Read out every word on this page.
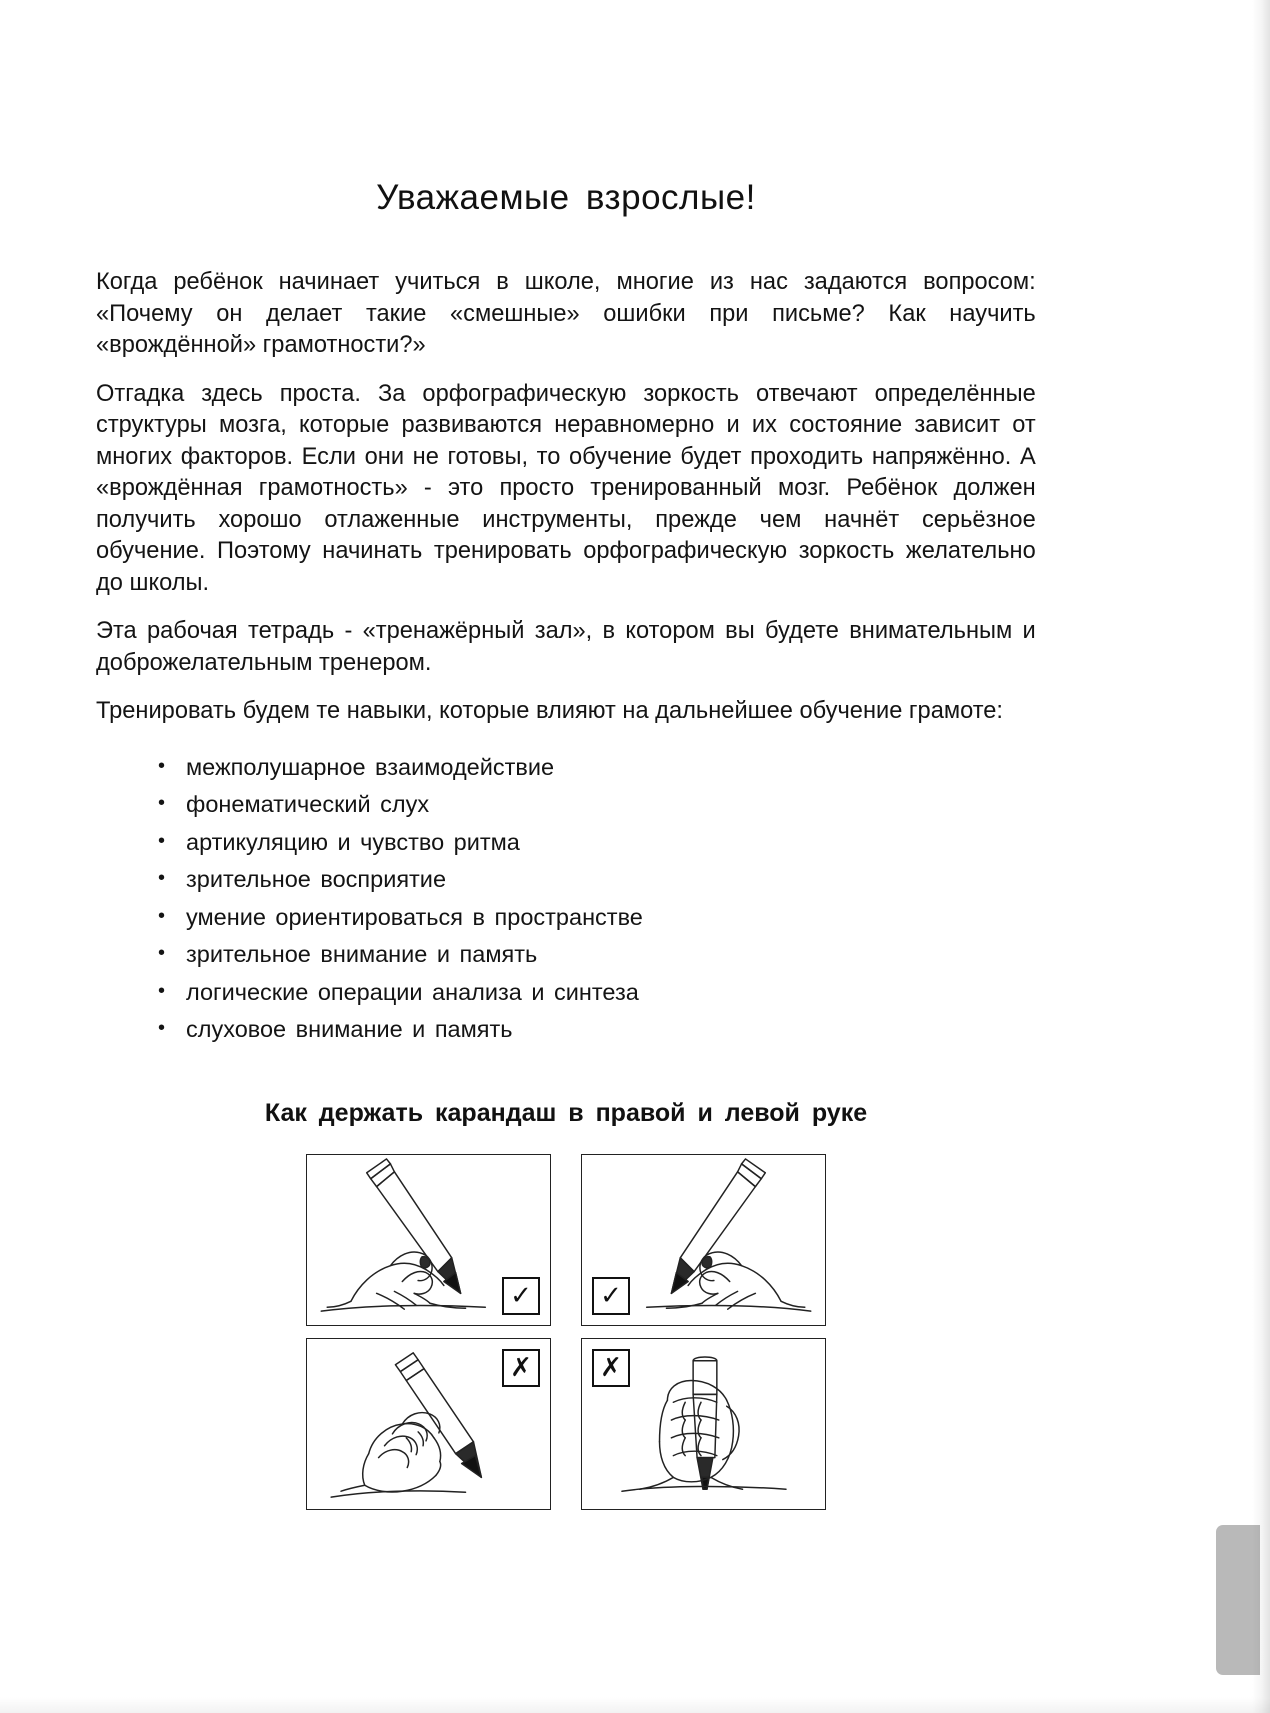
Уважаемые взрослые!

Когда ребёнок начинает учиться в школе, многие из нас задаются вопросом: «Почему он делает такие «смешные» ошибки при письме? Как научить «врождённой» грамотности?»

Отгадка здесь проста. За орфографическую зоркость отвечают определённые структуры мозга, которые развиваются неравномерно и их состояние зависит от многих факторов. Если они не готовы, то обучение будет проходить напряжённо. А «врождённая грамотность» - это просто тренированный мозг. Ребёнок должен получить хорошо отлаженные инструменты, прежде чем начнёт серьёзное обучение. Поэтому начинать тренировать орфографическую зоркость желательно до школы.

Эта рабочая тетрадь - «тренажёрный зал», в котором вы будете внимательным и доброжелательным тренером.

Тренировать будем те навыки, которые влияют на дальнейшее обучение грамоте:

• межполушарное взаимодействие
• фонематический слух
• артикуляцию и чувство ритма
• зрительное восприятие
• умение ориентироваться в пространстве
• зрительное внимание и память
• логические операции анализа и синтеза
• слуховое внимание и память
Как держать карандаш в правой и левой руке
✓	✓
✗	✗
